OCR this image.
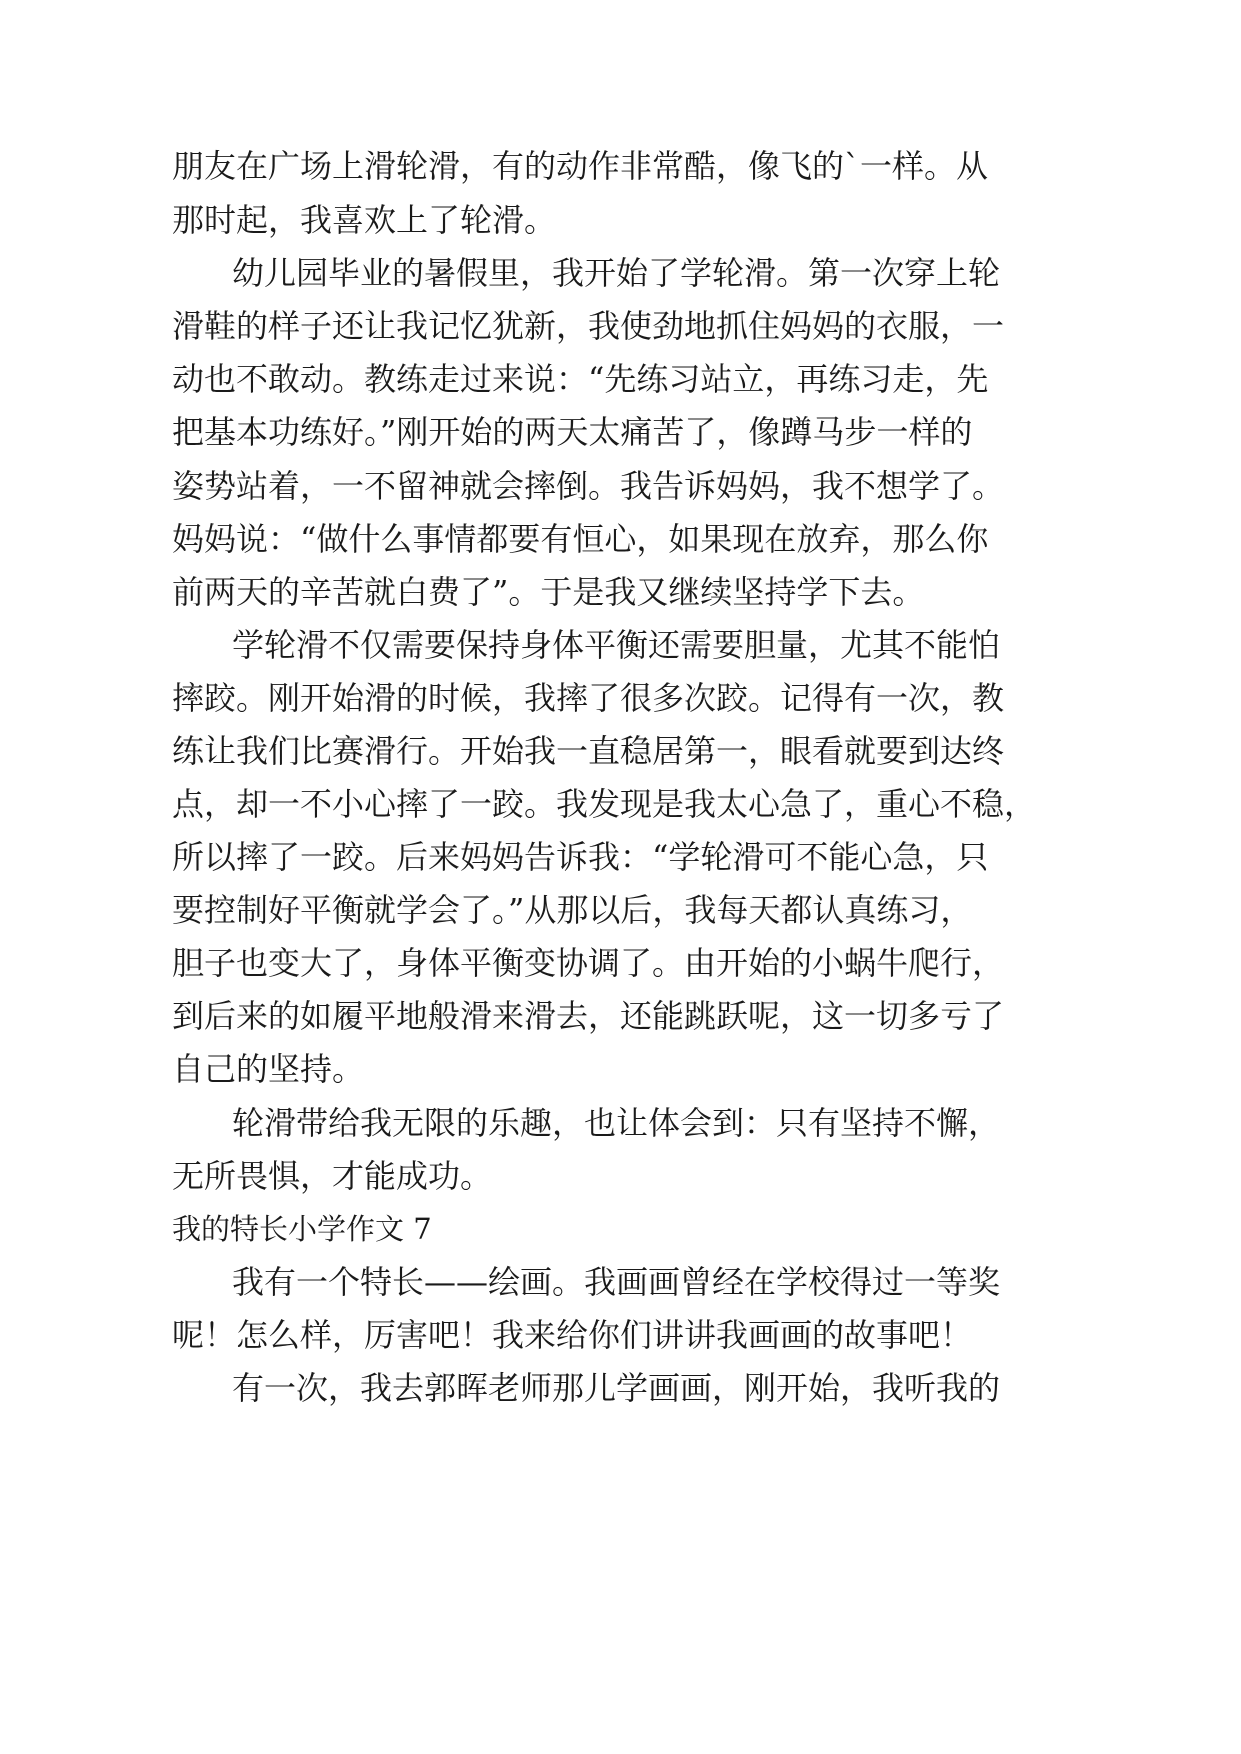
朋友在广场上滑轮滑，有的动作非常酷，像飞的`一样。从
那时起，我喜欢上了轮滑。
幼儿园毕业的暑假里，我开始了学轮滑。第一次穿上轮
滑鞋的样子还让我记忆犹新，我使劲地抓住妈妈的衣服，一
动也不敢动。教练走过来说：“先练习站立，再练习走，先
把基本功练好。”刚开始的两天太痛苦了，像蹲马步一样的
姿势站着，一不留神就会摔倒。我告诉妈妈，我不想学了。
妈妈说：“做什么事情都要有恒心，如果现在放弃，那么你
前两天的辛苦就白费了”。于是我又继续坚持学下去。
学轮滑不仅需要保持身体平衡还需要胆量，尤其不能怕
摔跤。刚开始滑的时候，我摔了很多次跤。记得有一次，教
练让我们比赛滑行。开始我一直稳居第一，眼看就要到达终
点，却一不小心摔了一跤。我发现是我太心急了，重心不稳，
所以摔了一跤。后来妈妈告诉我：“学轮滑可不能心急，只
要控制好平衡就学会了。”从那以后，我每天都认真练习，
胆子也变大了，身体平衡变协调了。由开始的小蜗牛爬行，
到后来的如履平地般滑来滑去，还能跳跃呢，这一切多亏了
自己的坚持。
轮滑带给我无限的乐趣，也让体会到：只有坚持不懈，
无所畏惧，才能成功。
我的特长小学作文 7
我有一个特长——绘画。我画画曾经在学校得过一等奖
呢！怎么样，厉害吧！我来给你们讲讲我画画的故事吧！
有一次，我去郭晖老师那儿学画画，刚开始，我听我的
